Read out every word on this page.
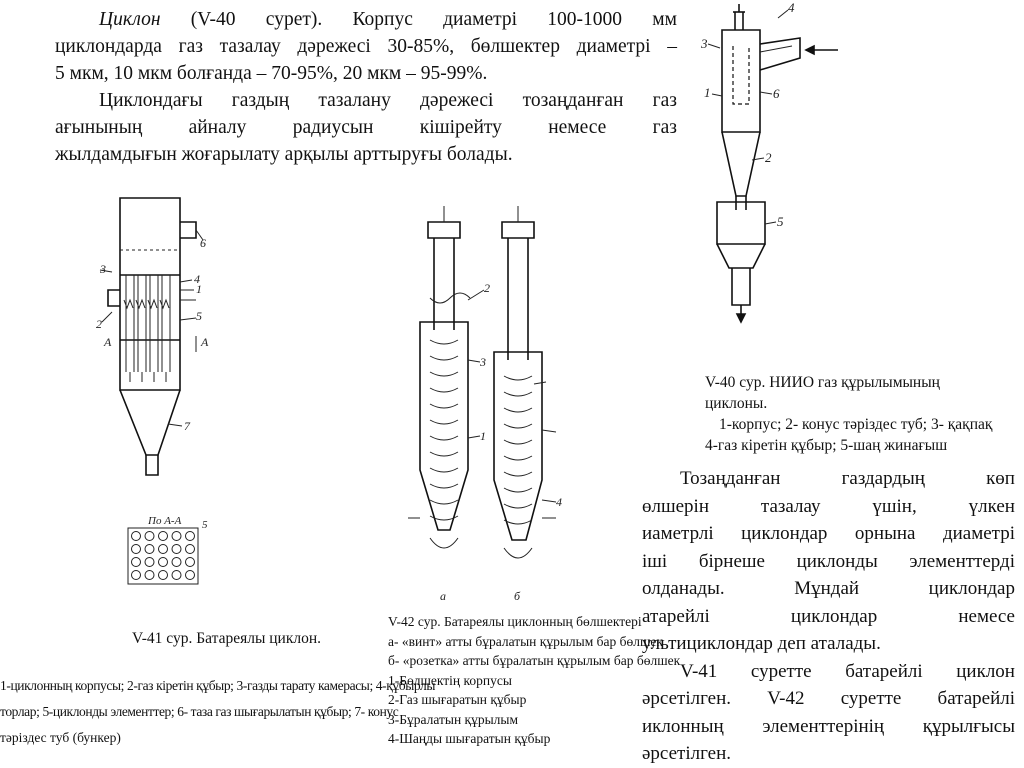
Циклон (V-40 сурет). Корпус диаметрі 100-1000 мм
циклондарда газ тазалау дәрежесі 30-85%, бөлшектер диаметрі –
5 мкм, 10 мкм болғанда – 70-95%, 20 мкм – 95-99%.
Циклондағы газдың тазалану дәрежесі тозаңданған газ
ағынының айналу радиусын кішірейту немесе газ
жылдамдығын жоғарылату арқылы арттыруғы болады.
3
4
6
1
2
5
V-40 сур. НИИО газ құрылымының циклоны.
1-корпус; 2- конус тәріздес туб; 3- қақпақ
4-газ кіретін құбыр; 5-шаң жинағыш
6
3
4
1
5
2
A
A
7
По А-А 5
V-41 сур. Батареялы циклон.
1-циклонның корпусы; 2-газ кіретін құбыр; 3-газды тарату камерасы; 4-құбырлы
торлар; 5-циклонды элементтер; 6- таза газ шығарылатын құбыр; 7- конус
тәріздес туб (бункер)
2
3
1
4
a	б
V-42 сур. Батареялы циклонның бөлшектері
а- «винт» атты бұралатын құрылым бар бөлшек
б- «розетка» атты бұралатын құрылым бар бөлшек
1-Бөлшектің корпусы
2-Газ шығаратын құбыр
3-Бұралатын құрылым
4-Шаңды шығаратын құбыр
Тозаңданған	газдардың	көп
өлшерін	тазалау	үшін,	үлкен
иаметрлі циклондар орнына диаметрі
іші бірнеше циклонды элементтерді
олданады.	Мұндай	циклондар
атарейлі	циклондар	немесе
ультициклондар деп аталады.
V-41 суретте батарейлі циклон
әрсетілген. V-42 суретте батарейлі
иклонның элементтерінің құрылғысы
әрсетілген.
